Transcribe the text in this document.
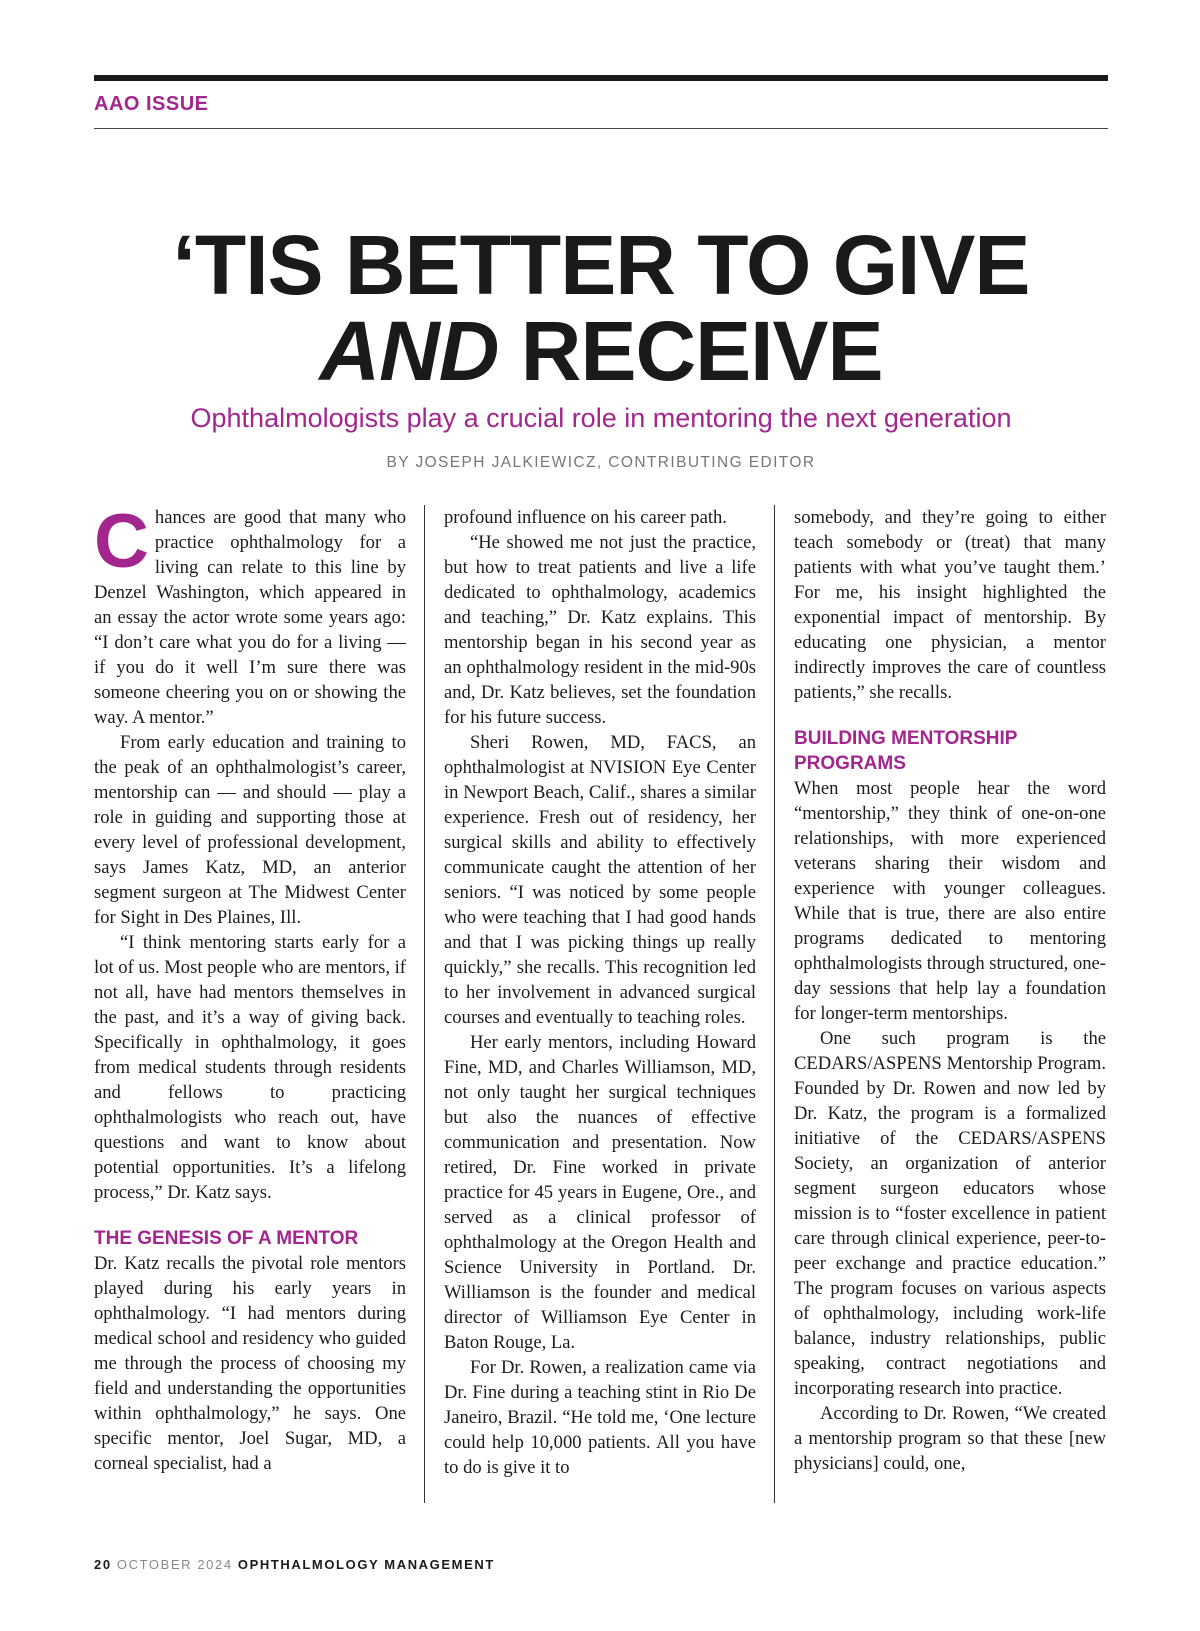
AAO ISSUE
‘TIS BETTER TO GIVE
AND RECEIVE
Ophthalmologists play a crucial role in mentoring the next generation
BY JOSEPH JALKIEWICZ, CONTRIBUTING EDITOR

Chances are good that many who practice ophthalmology for a living can relate to this line by Denzel Washington, which appeared in an essay the actor wrote some years ago: “I don’t care what you do for a living — if you do it well I’m sure there was someone cheering you on or showing the way. A mentor.”

From early education and training to the peak of an ophthalmologist’s career, mentorship can — and should — play a role in guiding and supporting those at every level of professional development, says James Katz, MD, an anterior segment surgeon at The Midwest Center for Sight in Des Plaines, Ill.

“I think mentoring starts early for a lot of us. Most people who are mentors, if not all, have had mentors themselves in the past, and it’s a way of giving back. Specifically in ophthalmology, it goes from medical students through residents and fellows to practicing ophthalmologists who reach out, have questions and want to know about potential opportunities. It’s a lifelong process,” Dr. Katz says.

THE GENESIS OF A MENTOR

Dr. Katz recalls the pivotal role mentors played during his early years in ophthalmology. “I had mentors during medical school and residency who guided me through the process of choosing my field and understanding the opportunities within ophthalmology,” he says. One specific mentor, Joel Sugar, MD, a corneal specialist, had a

profound influence on his career path.

“He showed me not just the practice, but how to treat patients and live a life dedicated to ophthalmology, academics and teaching,” Dr. Katz explains. This mentorship began in his second year as an ophthalmology resident in the mid-90s and, Dr. Katz believes, set the foundation for his future success.

Sheri Rowen, MD, FACS, an ophthalmologist at NVISION Eye Center in Newport Beach, Calif., shares a similar experience. Fresh out of residency, her surgical skills and ability to effectively communicate caught the attention of her seniors. “I was noticed by some people who were teaching that I had good hands and that I was picking things up really quickly,” she recalls. This recognition led to her involvement in advanced surgical courses and eventually to teaching roles.

Her early mentors, including Howard Fine, MD, and Charles Williamson, MD, not only taught her surgical techniques but also the nuances of effective communication and presentation. Now retired, Dr. Fine worked in private practice for 45 years in Eugene, Ore., and served as a clinical professor of ophthalmology at the Oregon Health and Science University in Portland. Dr. Williamson is the founder and medical director of Williamson Eye Center in Baton Rouge, La.

For Dr. Rowen, a realization came via Dr. Fine during a teaching stint in Rio De Janeiro, Brazil. “He told me, ‘One lecture could help 10,000 patients. All you have to do is give it to

somebody, and they’re going to either teach somebody or (treat) that many patients with what you’ve taught them.’ For me, his insight highlighted the exponential impact of mentorship. By educating one physician, a mentor indirectly improves the care of countless patients,” she recalls.

BUILDING MENTORSHIP PROGRAMS

When most people hear the word “mentorship,” they think of one-on-one relationships, with more experienced veterans sharing their wisdom and experience with younger colleagues. While that is true, there are also entire programs dedicated to mentoring ophthalmologists through structured, one-day sessions that help lay a foundation for longer-term mentorships.

One such program is the CEDARS/ASPENS Mentorship Program. Founded by Dr. Rowen and now led by Dr. Katz, the program is a formalized initiative of the CEDARS/ASPENS Society, an organization of anterior segment surgeon educators whose mission is to “foster excellence in patient care through clinical experience, peer-to-peer exchange and practice education.” The program focuses on various aspects of ophthalmology, including work-life balance, industry relationships, public speaking, contract negotiations and incorporating research into practice.

According to Dr. Rowen, “We created a mentorship program so that these [new physicians] could, one,

20 OCTOBER 2024 OPHTHALMOLOGY MANAGEMENT
